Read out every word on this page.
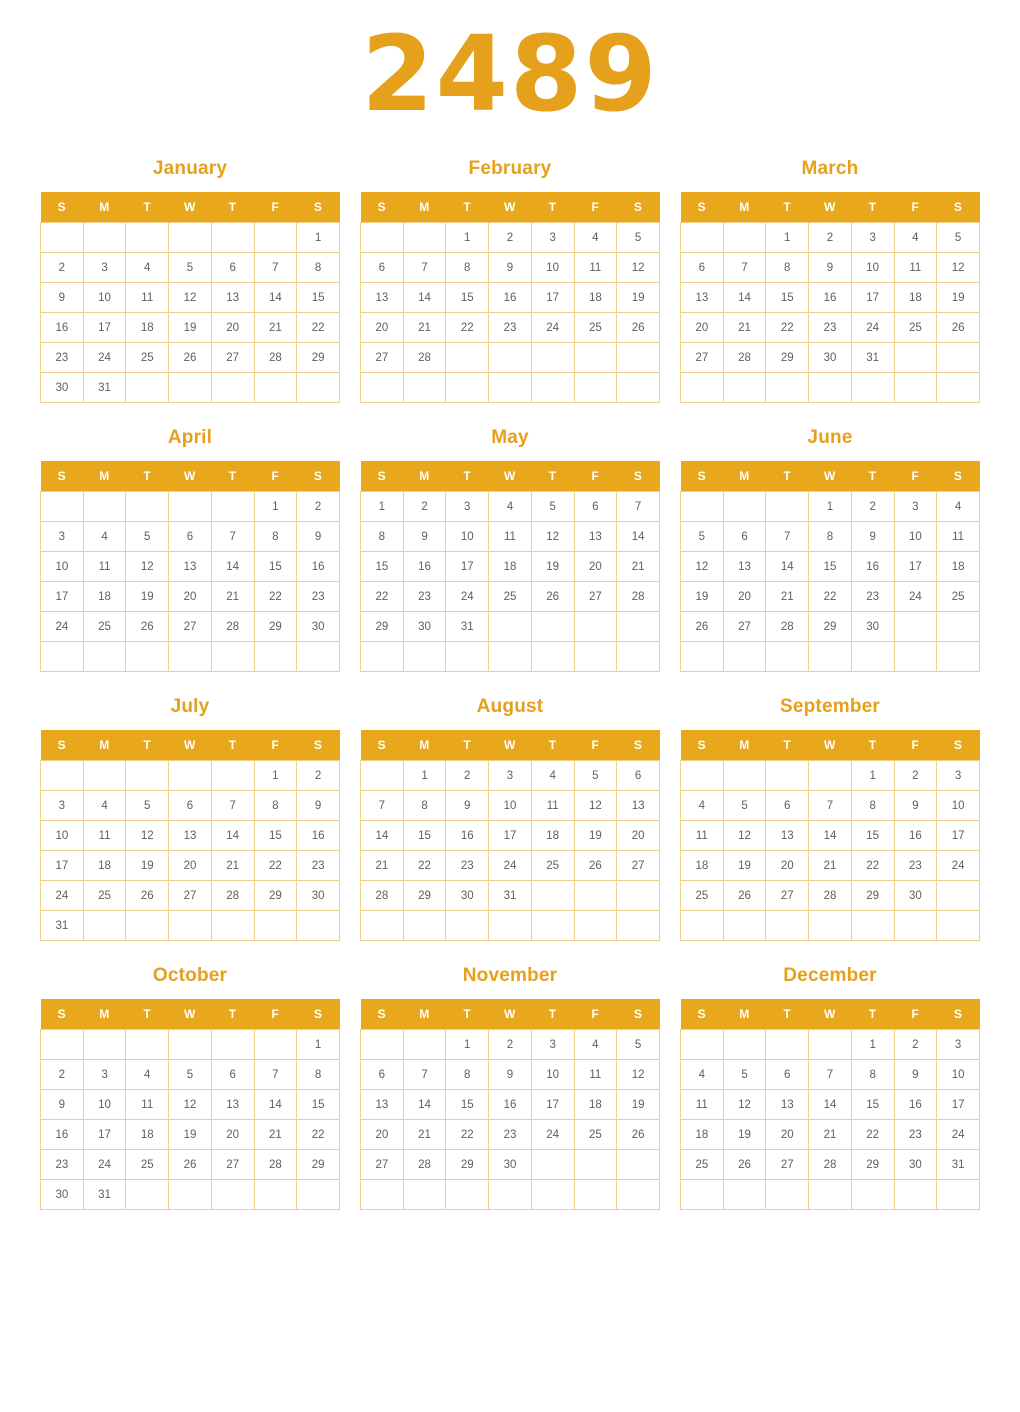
2489
January
S	M	T	W	T	F	S
						1
2	3	4	5	6	7	8
9	10	11	12	13	14	15
16	17	18	19	20	21	22
23	24	25	26	27	28	29
30	31					
February
S	M	T	W	T	F	S
		1	2	3	4	5
6	7	8	9	10	11	12
13	14	15	16	17	18	19
20	21	22	23	24	25	26
27	28					

March
S	M	T	W	T	F	S
		1	2	3	4	5
6	7	8	9	10	11	12
13	14	15	16	17	18	19
20	21	22	23	24	25	26
27	28	29	30	31		

April
S	M	T	W	T	F	S
					1	2
3	4	5	6	7	8	9
10	11	12	13	14	15	16
17	18	19	20	21	22	23
24	25	26	27	28	29	30

May
S	M	T	W	T	F	S
1	2	3	4	5	6	7
8	9	10	11	12	13	14
15	16	17	18	19	20	21
22	23	24	25	26	27	28
29	30	31				

June
S	M	T	W	T	F	S
			1	2	3	4
5	6	7	8	9	10	11
12	13	14	15	16	17	18
19	20	21	22	23	24	25
26	27	28	29	30		

July
S	M	T	W	T	F	S
					1	2
3	4	5	6	7	8	9
10	11	12	13	14	15	16
17	18	19	20	21	22	23
24	25	26	27	28	29	30
31						
August
S	M	T	W	T	F	S
	1	2	3	4	5	6
7	8	9	10	11	12	13
14	15	16	17	18	19	20
21	22	23	24	25	26	27
28	29	30	31			

September
S	M	T	W	T	F	S
				1	2	3
4	5	6	7	8	9	10
11	12	13	14	15	16	17
18	19	20	21	22	23	24
25	26	27	28	29	30	

October
S	M	T	W	T	F	S
						1
2	3	4	5	6	7	8
9	10	11	12	13	14	15
16	17	18	19	20	21	22
23	24	25	26	27	28	29
30	31					
November
S	M	T	W	T	F	S
		1	2	3	4	5
6	7	8	9	10	11	12
13	14	15	16	17	18	19
20	21	22	23	24	25	26
27	28	29	30			

December
S	M	T	W	T	F	S
				1	2	3
4	5	6	7	8	9	10
11	12	13	14	15	16	17
18	19	20	21	22	23	24
25	26	27	28	29	30	31
